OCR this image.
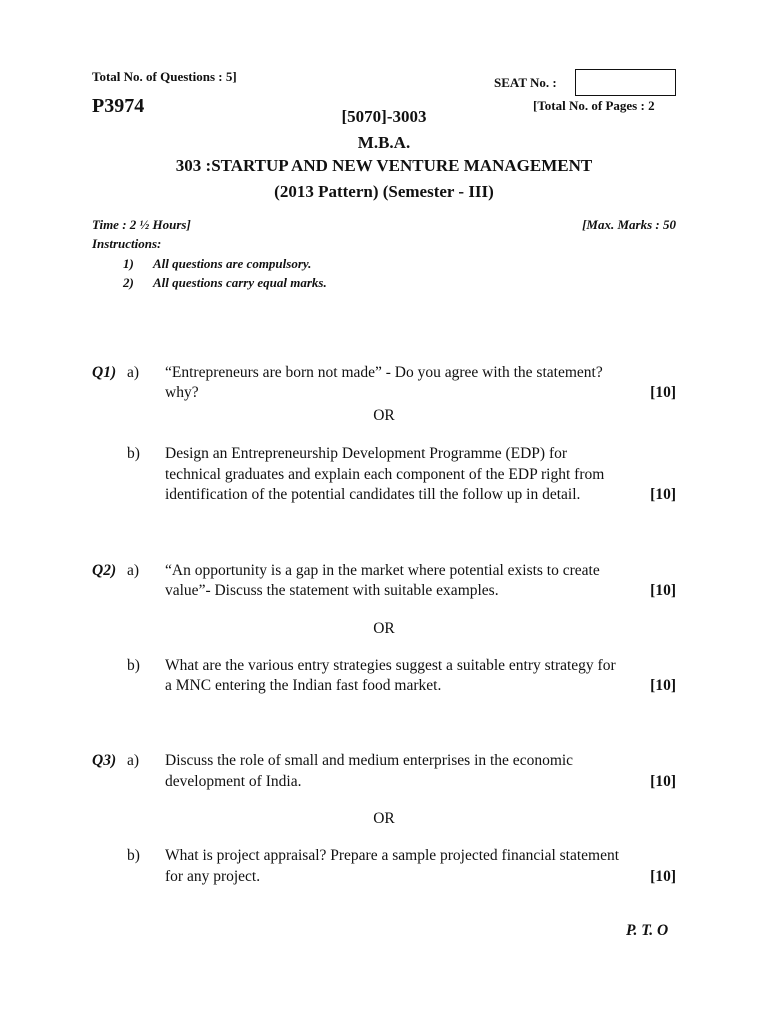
Total No. of Questions : 5]	SEAT No. :
P3974	[Total No. of Pages : 2
[5070]-3003
M.B.A.
303 :STARTUP AND NEW VENTURE MANAGEMENT
(2013 Pattern) (Semester - III)
Time : 2 ½ Hours]	[Max. Marks : 50
Instructions:
1) All questions are compulsory.
2) All questions carry equal marks.
Q1) a) “Entrepreneurs are born not made” - Do you agree with the statement?
why?	[10]
OR
b) Design an Entrepreneurship Development Programme (EDP) for
technical graduates and explain each component of the EDP right from
identification of the potential candidates till the follow up in detail.	[10]
Q2) a) “An opportunity is a gap in the market where potential exists to create
value”- Discuss the statement with suitable examples.	[10]
OR
b) What are the various entry strategies suggest a suitable entry strategy for
a MNC entering the Indian fast food market.	[10]
Q3) a) Discuss the role of small and medium enterprises in the economic
development of India.	[10]
OR
b) What is project appraisal? Prepare a sample projected financial statement
for any project.	[10]
P. T. O
